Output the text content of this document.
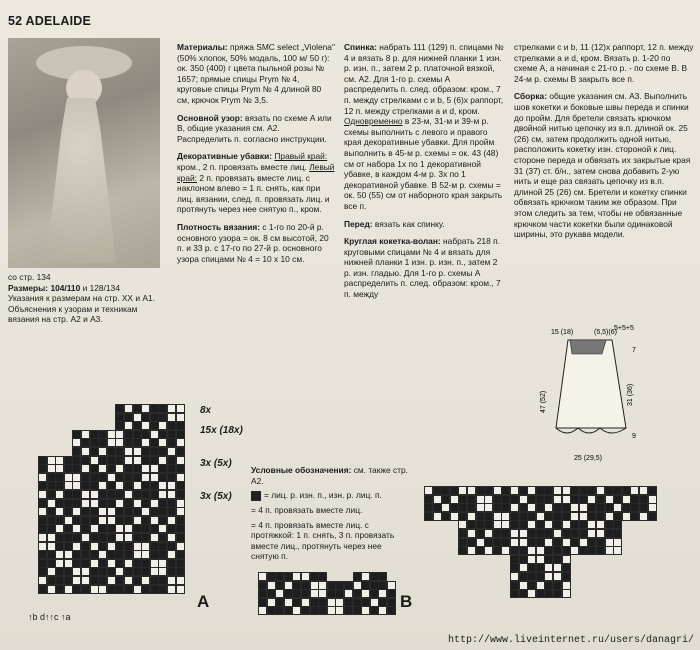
52 ADELAIDE
со стр. 134
Размеры: 104/110 и 128/134
Указания к размерам на стр. XX и A1. Объяснения к узорам и техникам вязания на стр. A2 и A3.

Материалы: пряжа SMC select „Violena" (50% хлопок, 50% модаль, 100 м/ 50 г): ок. 350 (400) г цвета пыльной розы № 1657; прямые спицы Prym № 4, круговые спицы Prym № 4 длиной 80 см, крючок Prym № 3,5.

Основной узор: вязать по схеме A или B, общие указания см. A2. Распределить п. согласно инструкции.

Декоративные убавки: Правый край: кром., 2 п. провязать вместе лиц. Левый край: 2 п. провязать вместе лиц. с наклоном влево = 1 п. снять, как при лиц. вязании, след. п. провязать лиц. и протянуть через нее снятую п., кром.

Плотность вязания: с 1-го по 20-й р. основного узора = ок. 8 см высотой, 20 п. и 33 р. с 17-го по 27-й р. основного узора спицами № 4 = 10 х 10 см.

Спинка: набрать 111 (129) п. спицами № 4 и вязать 8 р. для нижней планки 1 изн. р. изн. п., затем 2 р. платочной вязкой, см. A2. Для 1-го р. схемы A распределить п. след. образом: кром., 7 п. между стрелками c и b, 5 (6)х раппорт, 12 п. между стрелками a и d, кром. Одновременно в 23-м, 31-м и 39-м р. схемы выполнить с левого и правого края декоративные убавки. Для пройм выполнить в 45-м р. схемы = ок. 43 (48) см от набора 1х по 1 декоративной убавке, в каждом 4-м р. 3х по 1 декоративной убавке. В 52-м р. схемы = ок. 50 (55) см от наборного края закрыть все п.

Перед: вязать как спинку.

Круглая кокетка-волан: набрать 218 п. круговыми спицами № 4 и вязать для нижней планки 1 изн. р. изн. п., затем 2 р. изн. гладью. Для 1-го р. схемы A распределить п. след. образом: кром., 7 п. между

стрелками c и b, 11 (12)х раппорт, 12 п. между стрелками a и d, кром. Вязать р. 1-20 по схеме A, а начиная с 21-го р. - по схеме B. В 24-м р. схемы B закрыть все п.

Сборка: общие указания см. A3. Выполнить шов кокетки и боковые швы переда и спинки до пройм. Для бретели связать крючком двойной нитью цепочку из в.п. длиной ок. 25 (26) см, затем продолжить одной нитью, расположить кокетку изн. стороной к лиц. стороне переда и обвязать их закрытые края 31 (37) ст. б/н., затем снова добавить 2-ую нить и еще раз связать цепочку из в.п. длиной 25 (26) см. Бретели и кокетку спинки обвязать крючком таким же образом. При этом следить за тем, чтобы не обвязанные крючком части кокетки были одинаковой ширины, это рукава модели.

(5,5)(6)
15 (18)
5+5+5
7
47 (52)	31 (36)
9
25 (29,5)
8x
15x (18x)
3x (5x)
3x (5x)
A
↑b d↑↑c ↑a
Условные обозначения: см. также стр. A2.
= лиц. р. изн. п., изн. р. лиц. п.
= 4 п. провязать вместе лиц.
= 4 п. провязать вместе лиц. с протяжкой: 1 п. снять, 3 п. провязать вместе лиц., протянуть через нее снятую п.
B
http://www.liveinternet.ru/users/danagri/
